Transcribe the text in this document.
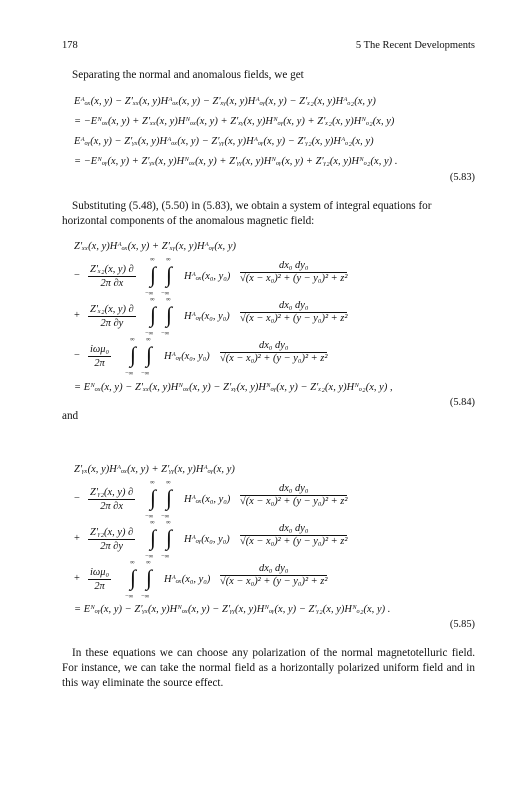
178	5 The Recent Developments
Separating the normal and anomalous fields, we get
Eᴬₒₓ(x, y) − Z′ₓₓ(x, y)Hᴬₒₓ(x, y) − Z′ₓᵧ(x, y)Hᴬₒᵧ(x, y) − Z′ₓ₂(x, y)Hᴬₒ₂(x, y)
= −Eᴺₒₓ(x, y) + Z′ₓₓ(x, y)Hᴺₒₓ(x, y) + Z′ₓᵧ(x, y)Hᴺₒᵧ(x, y) + Z′ₓ₂(x, y)Hᴺₒ₂(x, y)
Eᴬₒᵧ(x, y) − Z′ᵧₓ(x, y)Hᴬₒₓ(x, y) − Z′ᵧᵧ(x, y)Hᴬₒᵧ(x, y) − Z′ᵧ₂(x, y)Hᴬₒ₂(x, y)
= −Eᴺₒᵧ(x, y) + Z′ᵧₓ(x, y)Hᴺₒₓ(x, y) + Z′ᵧᵧ(x, y)Hᴺₒᵧ(x, y) + Z′ᵧ₂(x, y)Hᴺₒ₂(x, y) .
(5.83)
Substituting (5.48), (5.50) in (5.83), we obtain a system of integral equations for horizontal components of the anomalous magnetic field:
Z′ₓₓ(x, y)Hᴬₒₓ(x, y) + Z′ₓᵧ(x, y)Hᴬₒᵧ(x, y)
−
Z′ₓ₂(x, y) ∂
2π ∂x
∞ ∞
∫ ∫
−∞ −∞
Hᴬₒₓ(x₀, y₀)
dx₀ dy₀
√(x − x₀)² + (y − y₀)² + z²
+
Z′ₓ₂(x, y) ∂
2π ∂y
∞ ∞
∫ ∫
−∞ −∞
Hᴬₒᵧ(x₀, y₀)
dx₀ dy₀
√(x − x₀)² + (y − y₀)² + z²
−
iωμ₀
2π
∞ ∞
∫ ∫
−∞ −∞
Hᴬₒᵧ(x₀, y₀)
dx₀ dy₀
√(x − x₀)² + (y − y₀)² + z²
= Eᴺₒₓ(x, y) − Z′ₓₓ(x, y)Hᴺₒₓ(x, y) − Z′ₓᵧ(x, y)Hᴺₒᵧ(x, y) − Z′ₓ₂(x, y)Hᴺₒ₂(x, y) ,
(5.84)
and
Z′ᵧₓ(x, y)Hᴬₒₓ(x, y) + Z′ᵧᵧ(x, y)Hᴬₒᵧ(x, y)
−
Z′ᵧ₂(x, y) ∂
2π ∂x
∞ ∞
∫ ∫
−∞ −∞
Hᴬₒₓ(x₀, y₀)
dx₀ dy₀
√(x − x₀)² + (y − y₀)² + z²
+
Z′ᵧ₂(x, y) ∂
2π ∂y
∞ ∞
∫ ∫
−∞ −∞
Hᴬₒᵧ(x₀, y₀)
dx₀ dy₀
√(x − x₀)² + (y − y₀)² + z²
+
iωμ₀
2π
∞ ∞
∫ ∫
−∞ −∞
Hᴬₒₓ(x₀, y₀)
dx₀ dy₀
√(x − x₀)² + (y − y₀)² + z²
= Eᴺₒᵧ(x, y) − Z′ᵧₓ(x, y)Hᴺₒₓ(x, y) − Z′ᵧᵧ(x, y)Hᴺₒᵧ(x, y) − Z′ᵧ₂(x, y)Hᴺₒ₂(x, y) .
(5.85)
In these equations we can choose any polarization of the normal magnetotelluric field. For instance, we can take the normal field as a horizontally polarized uniform field and in this way eliminate the source effect.
